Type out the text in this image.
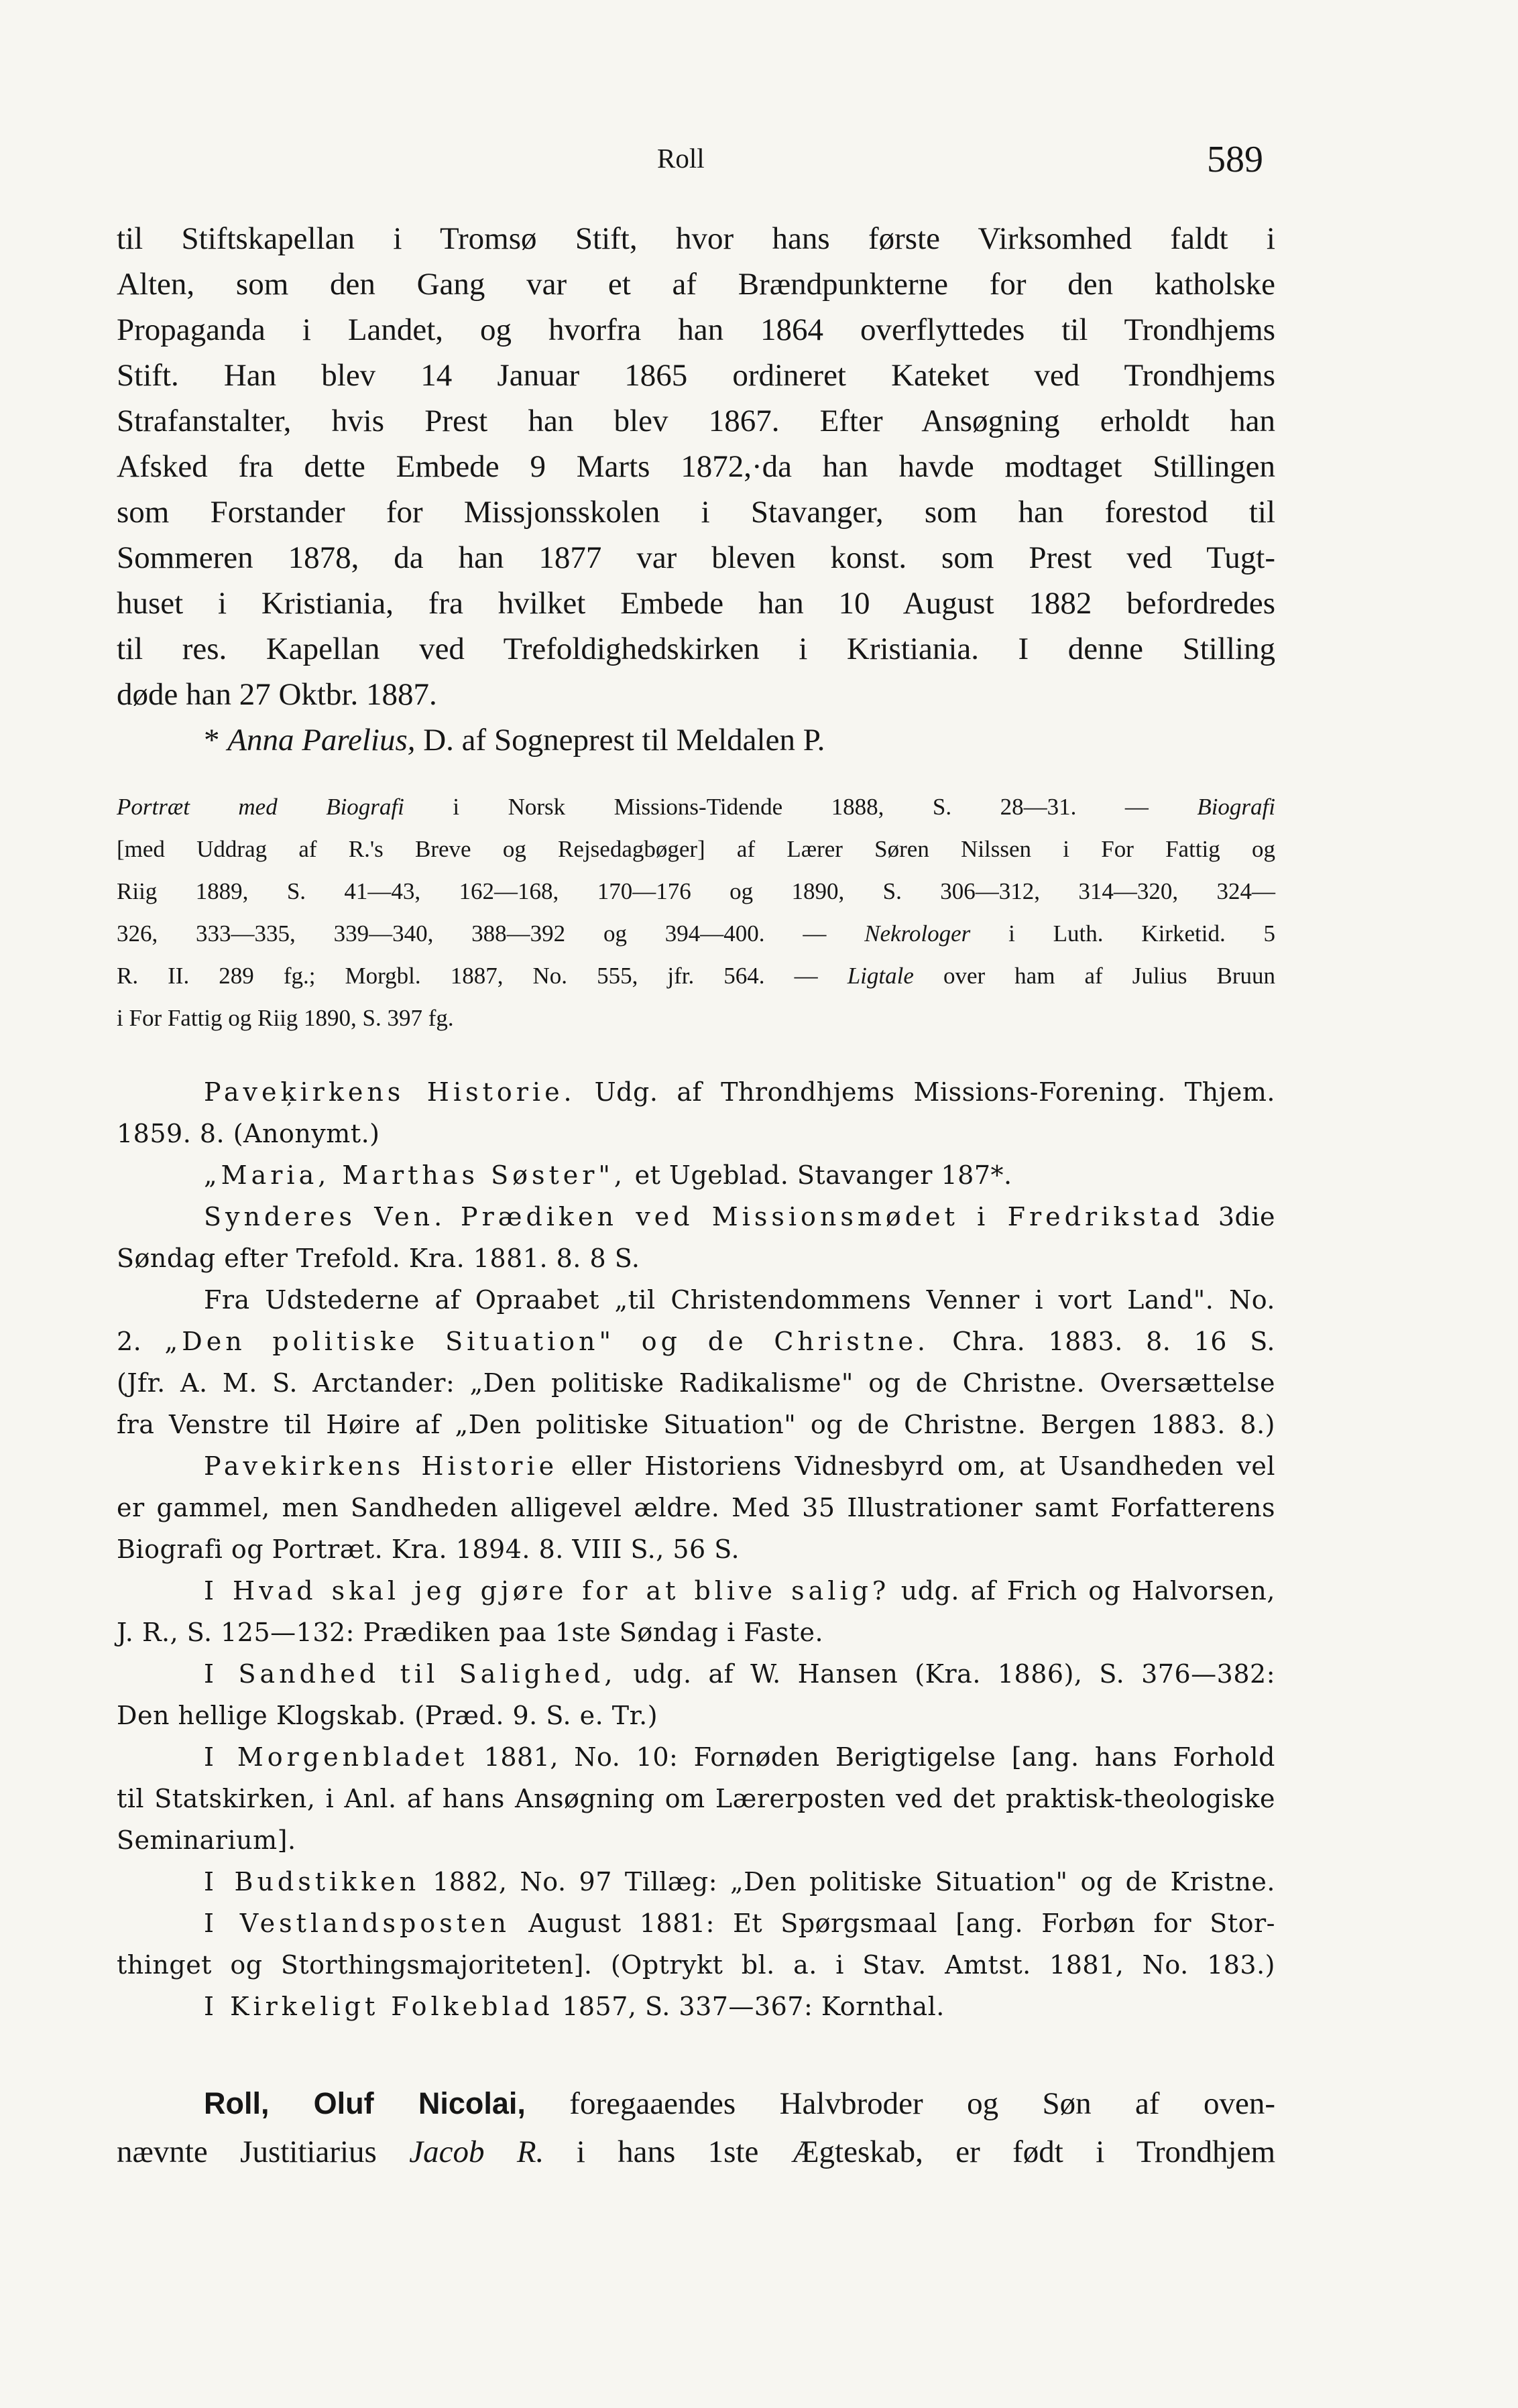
Roll	589
til Stiftskapellan i Tromsø Stift, hvor hans første Virksomhed faldt i
Alten, som den Gang var et af Brændpunkterne for den katholske
Propaganda i Landet, og hvorfra han 1864 overflyttedes til Trondhjems
Stift. Han blev 14 Januar 1865 ordineret Kateket ved Trondhjems
Strafanstalter, hvis Prest han blev 1867. Efter Ansøgning erholdt han
Afsked fra dette Embede 9 Marts 1872,·da han havde modtaget Stillingen
som Forstander for Missjonsskolen i Stavanger, som han forestod til
Sommeren 1878, da han 1877 var bleven konst. som Prest ved Tugt-
huset i Kristiania, fra hvilket Embede han 10 August 1882 befordredes
til res. Kapellan ved Trefoldighedskirken i Kristiania. I denne Stilling
døde han 27 Oktbr. 1887.
* Anna Parelius, D. af Sogneprest til Meldalen P.
Portræt med Biografi i Norsk Missions-Tidende 1888, S. 28—31. — Biografi
[med Uddrag af R.'s Breve og Rejsedagbøger] af Lærer Søren Nilssen i For Fattig og
Riig 1889, S. 41—43, 162—168, 170—176 og 1890, S. 306—312, 314—320, 324—
326, 333—335, 339—340, 388—392 og 394—400. — Nekrologer i Luth. Kirketid. 5
R. II. 289 fg.; Morgbl. 1887, No. 555, jfr. 564. — Ligtale over ham af Julius Bruun
i For Fattig og Riig 1890, S. 397 fg.
Paveķirkens Historie. Udg. af Throndhjems Missions-Forening. Thjem.
1859. 8. (Anonymt.)
„Maria, Marthas Søster", et Ugeblad. Stavanger 187*.
Synderes Ven. Prædiken ved Missionsmødet i Fredrikstad 3die
Søndag efter Trefold. Kra. 1881. 8. 8 S.
Fra Udstederne af Opraabet „til Christendommens Venner i vort Land". No.
2. „Den politiske Situation" og de Christne. Chra. 1883. 8. 16 S.
(Jfr. A. M. S. Arctander: „Den politiske Radikalisme" og de Christne. Oversættelse
fra Venstre til Høire af „Den politiske Situation" og de Christne. Bergen 1883. 8.)
Pavekirkens Historie eller Historiens Vidnesbyrd om, at Usandheden vel
er gammel, men Sandheden alligevel ældre. Med 35 Illustrationer samt Forfatterens
Biografi og Portræt. Kra. 1894. 8. VIII S., 56 S.
I Hvad skal jeg gjøre for at blive salig? udg. af Frich og Halvorsen,
J. R., S. 125—132: Prædiken paa 1ste Søndag i Faste.
I Sandhed til Salighed, udg. af W. Hansen (Kra. 1886), S. 376—382:
Den hellige Klogskab. (Præd. 9. S. e. Tr.)
I Morgenbladet 1881, No. 10: Fornøden Berigtigelse [ang. hans Forhold
til Statskirken, i Anl. af hans Ansøgning om Lærerposten ved det praktisk-theologiske
Seminarium].
I Budstikken 1882, No. 97 Tillæg: „Den politiske Situation" og de Kristne.
I Vestlandsposten August 1881: Et Spørgsmaal [ang. Forbøn for Stor-
thinget og Storthingsmajoriteten]. (Optrykt bl. a. i Stav. Amtst. 1881, No. 183.)
I Kirkeligt Folkeblad 1857, S. 337—367: Kornthal.
Roll, Oluf Nicolai, foregaaendes Halvbroder og Søn af oven-
nævnte Justitiarius Jacob R. i hans 1ste Ægteskab, er født i Trondhjem
